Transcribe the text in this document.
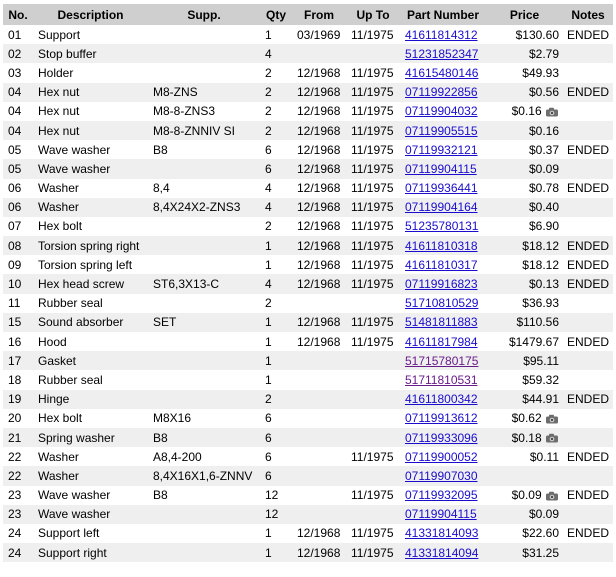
No.	Description	Supp.	Qty	From	Up To	Part Number	Price	Notes
01	Support		1	03/1969	11/1975	41611814312	$130.60	ENDED
02	Stop buffer		4			51231852347	$2.79	
03	Holder		2	12/1968	11/1975	41615480146	$49.93	
04	Hex nut	M8-ZNS	2	12/1968	11/1975	07119922856	$0.56	ENDED
04	Hex nut	M8-8-ZNS3	2	12/1968	11/1975	07119904032	$0.16	
04	Hex nut	M8-8-ZNNIV SI	2	12/1968	11/1975	07119905515	$0.16	
05	Wave washer	B8	6	12/1968	11/1975	07119932121	$0.37	ENDED
05	Wave washer		6	12/1968	11/1975	07119904115	$0.09	
06	Washer	8,4	4	12/1968	11/1975	07119936441	$0.78	ENDED
06	Washer	8,4X24X2-ZNS3	4	12/1968	11/1975	07119904164	$0.40	
07	Hex bolt		2	12/1968	11/1975	51235780131	$6.90	
08	Torsion spring right		1	12/1968	11/1975	41611810318	$18.12	ENDED
09	Torsion spring left		1	12/1968	11/1975	41611810317	$18.12	ENDED
10	Hex head screw	ST6,3X13-C	4	12/1968	11/1975	07119916823	$0.13	ENDED
11	Rubber seal		2			51710810529	$36.93	
15	Sound absorber	SET	1	12/1968	11/1975	51481811883	$110.56	
16	Hood		1	12/1968	11/1975	41611817984	$1479.67	ENDED
17	Gasket		1			51715780175	$95.11	
18	Rubber seal		1			51711810531	$59.32	
19	Hinge		2			41611800342	$44.91	ENDED
20	Hex bolt	M8X16	6			07119913612	$0.62	
21	Spring washer	B8	6			07119933096	$0.18	
22	Washer	A8,4-200	6		11/1975	07119900052	$0.11	ENDED
22	Washer	8,4X16X1,6-ZNNV	6			07119907030		
23	Wave washer	B8	12		11/1975	07119932095	$0.09	ENDED
23	Wave washer		12			07119904115	$0.09	
24	Support left		1	12/1968	11/1975	41331814093	$22.60	ENDED
24	Support right		1	12/1968	11/1975	41331814094	$31.25	
